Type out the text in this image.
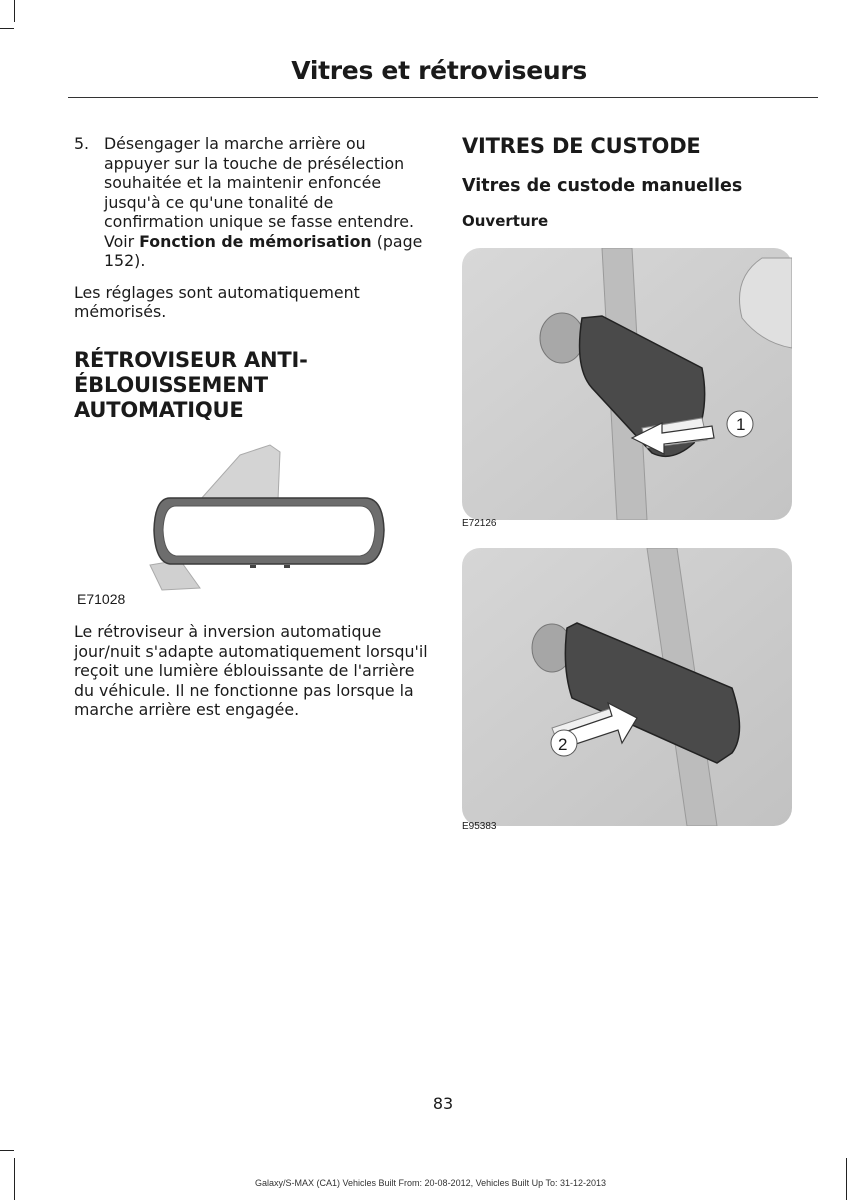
Vitres et rétroviseurs
5. Désengager la marche arrière ou appuyer sur la touche de présélection souhaitée et la maintenir enfoncée jusqu'à ce qu'une tonalité de confirmation unique se fasse entendre. Voir Fonction de mémorisation (page 152).

Les réglages sont automatiquement mémorisés.

RÉTROVISEUR ANTI-
ÉBLOUISSEMENT
AUTOMATIQUE
E71028

Le rétroviseur à inversion automatique jour/nuit s'adapte automatiquement lorsqu'il reçoit une lumière éblouissante de l'arrière du véhicule. Il ne fonctionne pas lorsque la marche arrière est engagée.

VITRES DE CUSTODE
Vitres de custode manuelles
Ouverture
1
E72126
2
E95383
83
Galaxy/S-MAX (CA1) Vehicles Built From: 20-08-2012, Vehicles Built Up To: 31-12-2013
